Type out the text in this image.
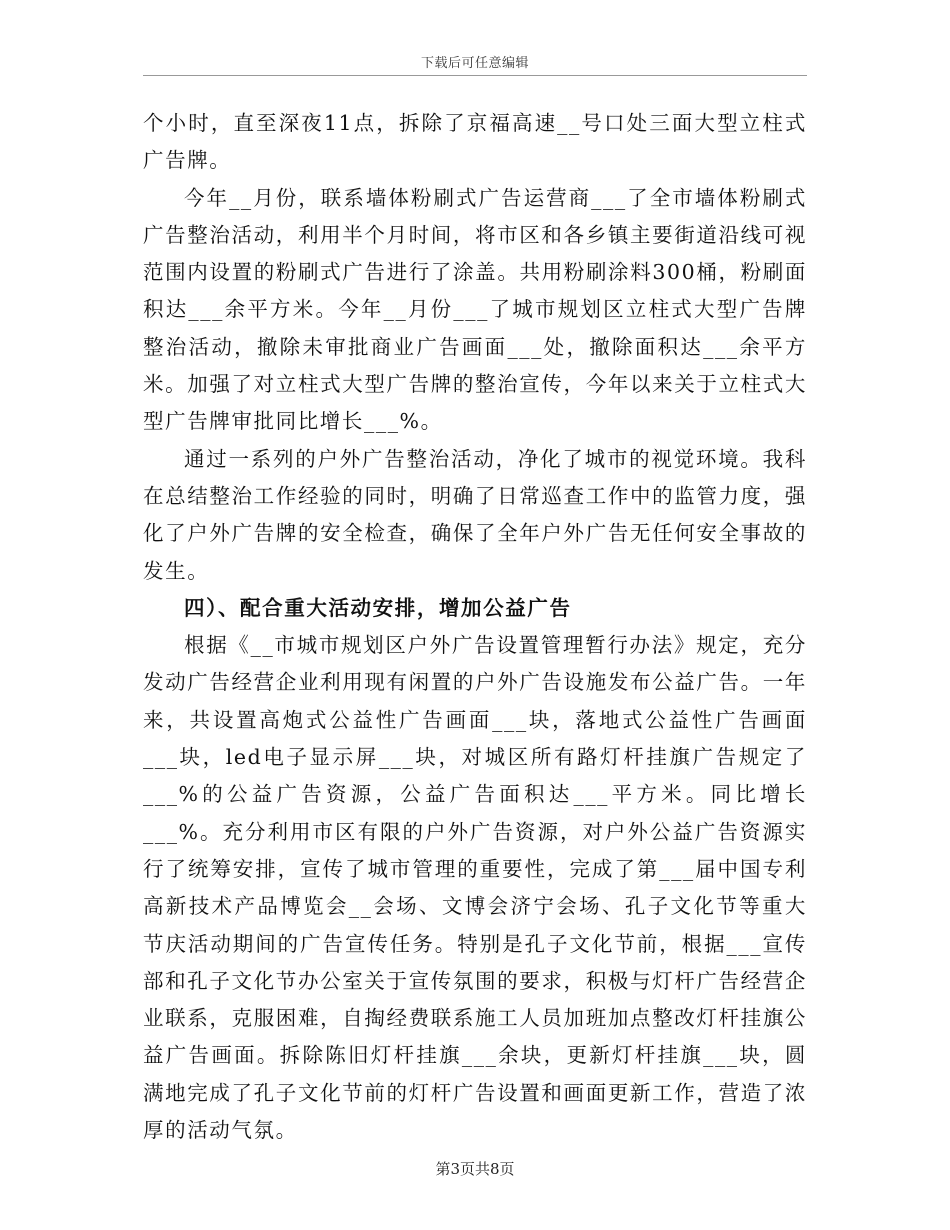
下载后可任意编辑

个小时，直至深夜11点，拆除了京福高速__号口处三面大型立柱式广告牌。

今年__月份，联系墙体粉刷式广告运营商___了全市墙体粉刷式广告整治活动，利用半个月时间，将市区和各乡镇主要街道沿线可视范围内设置的粉刷式广告进行了涂盖。共用粉刷涂料300桶，粉刷面积达___余平方米。今年__月份___了城市规划区立柱式大型广告牌整治活动，撤除未审批商业广告画面___处，撤除面积达___余平方米。加强了对立柱式大型广告牌的整治宣传，今年以来关于立柱式大型广告牌审批同比增长___%。

通过一系列的户外广告整治活动，净化了城市的视觉环境。我科在总结整治工作经验的同时，明确了日常巡查工作中的监管力度，强化了户外广告牌的安全检查，确保了全年户外广告无任何安全事故的发生。

四）、配合重大活动安排，增加公益广告

根据《__市城市规划区户外广告设置管理暂行办法》规定，充分发动广告经营企业利用现有闲置的户外广告设施发布公益广告。一年来，共设置高炮式公益性广告画面___块，落地式公益性广告画面___块，led电子显示屏___块，对城区所有路灯杆挂旗广告规定了___%的公益广告资源，公益广告面积达___平方米。同比增长___%。充分利用市区有限的户外广告资源，对户外公益广告资源实行了统筹安排，宣传了城市管理的重要性，完成了第___届中国专利高新技术产品博览会__会场、文博会济宁会场、孔子文化节等重大节庆活动期间的广告宣传任务。特别是孔子文化节前，根据___宣传部和孔子文化节办公室关于宣传氛围的要求，积极与灯杆广告经营企业联系，克服困难，自掏经费联系施工人员加班加点整改灯杆挂旗公益广告画面。拆除陈旧灯杆挂旗___余块，更新灯杆挂旗___块，圆满地完成了孔子文化节前的灯杆广告设置和画面更新工作，营造了浓厚的活动气氛。

第3页共8页
